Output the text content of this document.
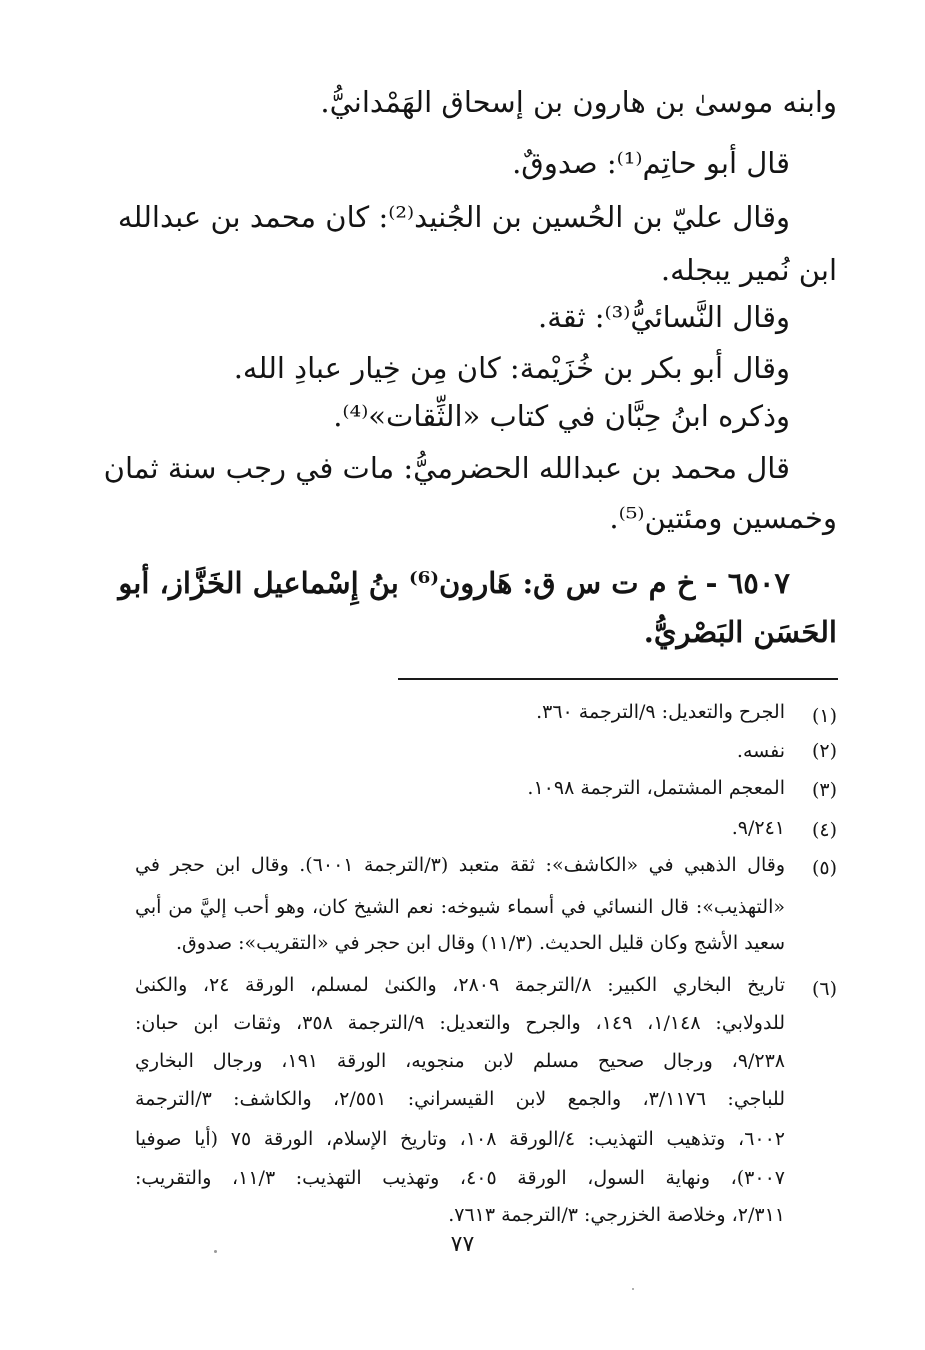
وابنه موسىٰ بن هارون بن إسحاق الهَمْدانيُّ.
قال أبو حاتِم⁽¹⁾: صدوقٌ.
وقال عليّ بن الحُسين بن الجُنيد⁽²⁾: كان محمد بن عبدالله
ابن نُمير يبجله.
وقال النَّسائيُّ⁽³⁾: ثقة.
وقال أبو بكر بن خُزَيْمة: كان مِن خِيار عبادِ الله.
وذكره ابنُ حِبَّان في كتاب «الثِّقات»⁽⁴⁾.
قال محمد بن عبدالله الحضرميُّ: مات في رجب سنة ثمان
وخمسين ومئتين⁽⁵⁾.
٦٥٠٧ - خ م ت س ق: هَارون⁽⁶⁾ بنُ إِسْماعيل الخَزَّاز، أبو
الحَسَن البَصْريُّ.
(١)
الجرح والتعديل: ٩/الترجمة ٣٦٠.
(٢)
نفسه.
(٣)
المعجم المشتمل، الترجمة ١٠٩٨.
(٤)
٩/٢٤١.
(٥)
وقال الذهبي في «الكاشف»: ثقة متعبد (٣/الترجمة ٦٠٠١). وقال ابن حجر في
«التهذيب»: قال النسائي في أسماء شيوخه: نعم الشيخ كان، وهو أحب إليَّ من أبي
سعيد الأشج وكان قليل الحديث. (١١/٣) وقال ابن حجر في «التقريب»: صدوق.
(٦)
تاريخ البخاري الكبير: ٨/الترجمة ٢٨٠٩، والكنىٰ لمسلم، الورقة ٢٤، والكنىٰ
للدولابي: ١/١٤٨، ١٤٩، والجرح والتعديل: ٩/الترجمة ٣٥٨، وثقات ابن حبان:
٩/٢٣٨، ورجال صحيح مسلم لابن منجويه، الورقة ١٩١، ورجال البخاري
للباجي: ٣/١١٧٦، والجمع لابن القيسراني: ٢/٥٥١، والكاشف: ٣/الترجمة
٦٠٠٢، وتذهيب التهذيب: ٤/الورقة ١٠٨، وتاريخ الإسلام، الورقة ٧٥ (أيا صوفيا
٣٠٠٧)، ونهاية السول، الورقة ٤٠٥، وتهذيب التهذيب: ١١/٣، والتقريب:
٢/٣١١، وخلاصة الخزرجي: ٣/الترجمة ٧٦١٣.
٧٧
